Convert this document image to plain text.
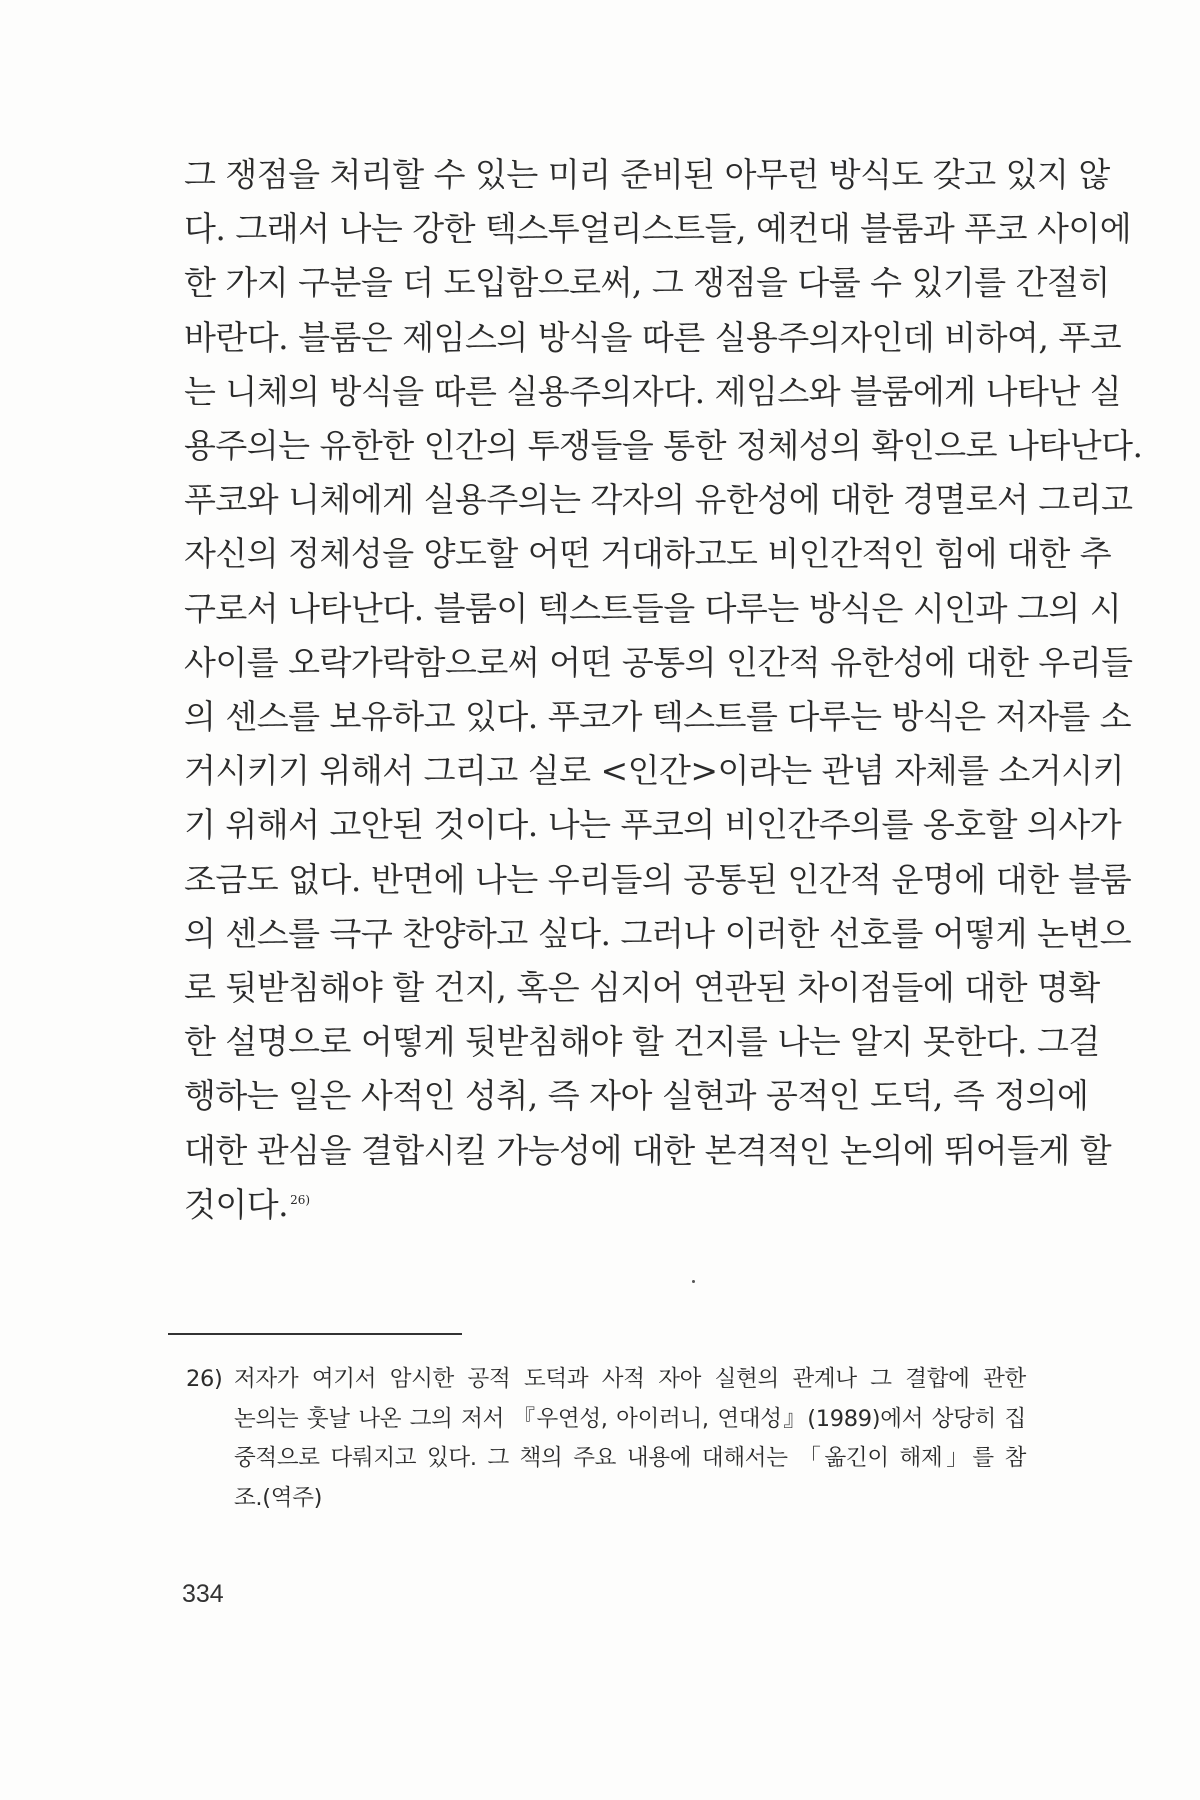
그 쟁점을 처리할 수 있는 미리 준비된 아무런 방식도 갖고 있지 않
다. 그래서 나는 강한 텍스투얼리스트들, 예컨대 블룸과 푸코 사이에
한 가지 구분을 더 도입함으로써, 그 쟁점을 다룰 수 있기를 간절히
바란다. 블룸은 제임스의 방식을 따른 실용주의자인데 비하여, 푸코
는 니체의 방식을 따른 실용주의자다. 제임스와 블룸에게 나타난 실
용주의는 유한한 인간의 투쟁들을 통한 정체성의 확인으로 나타난다.
푸코와 니체에게 실용주의는 각자의 유한성에 대한 경멸로서 그리고
자신의 정체성을 양도할 어떤 거대하고도 비인간적인 힘에 대한 추
구로서 나타난다. 블룸이 텍스트들을 다루는 방식은 시인과 그의 시
사이를 오락가락함으로써 어떤 공통의 인간적 유한성에 대한 우리들
의 센스를 보유하고 있다. 푸코가 텍스트를 다루는 방식은 저자를 소
거시키기 위해서 그리고 실로 <인간>이라는 관념 자체를 소거시키
기 위해서 고안된 것이다. 나는 푸코의 비인간주의를 옹호할 의사가
조금도 없다. 반면에 나는 우리들의 공통된 인간적 운명에 대한 블룸
의 센스를 극구 찬양하고 싶다. 그러나 이러한 선호를 어떻게 논변으
로 뒷받침해야 할 건지, 혹은 심지어 연관된 차이점들에 대한 명확
한 설명으로 어떻게 뒷받침해야 할 건지를 나는 알지 못한다. 그걸
행하는 일은 사적인 성취, 즉 자아 실현과 공적인 도덕, 즉 정의에
대한 관심을 결합시킬 가능성에 대한 본격적인 논의에 뛰어들게 할
것이다. $^{26)}$
26) 저자가 여기서 암시한 공적 도덕과 사적 자아 실현의 관계나 그 결합에 관한
논의는 훗날 나온 그의 저서 『우연성, 아이러니, 연대성』(1989)에서 상당히 집
중적으로 다뤄지고 있다. 그 책의 주요 내용에 대해서는 「옮긴이 해제」를 참
조.(역주)
334
